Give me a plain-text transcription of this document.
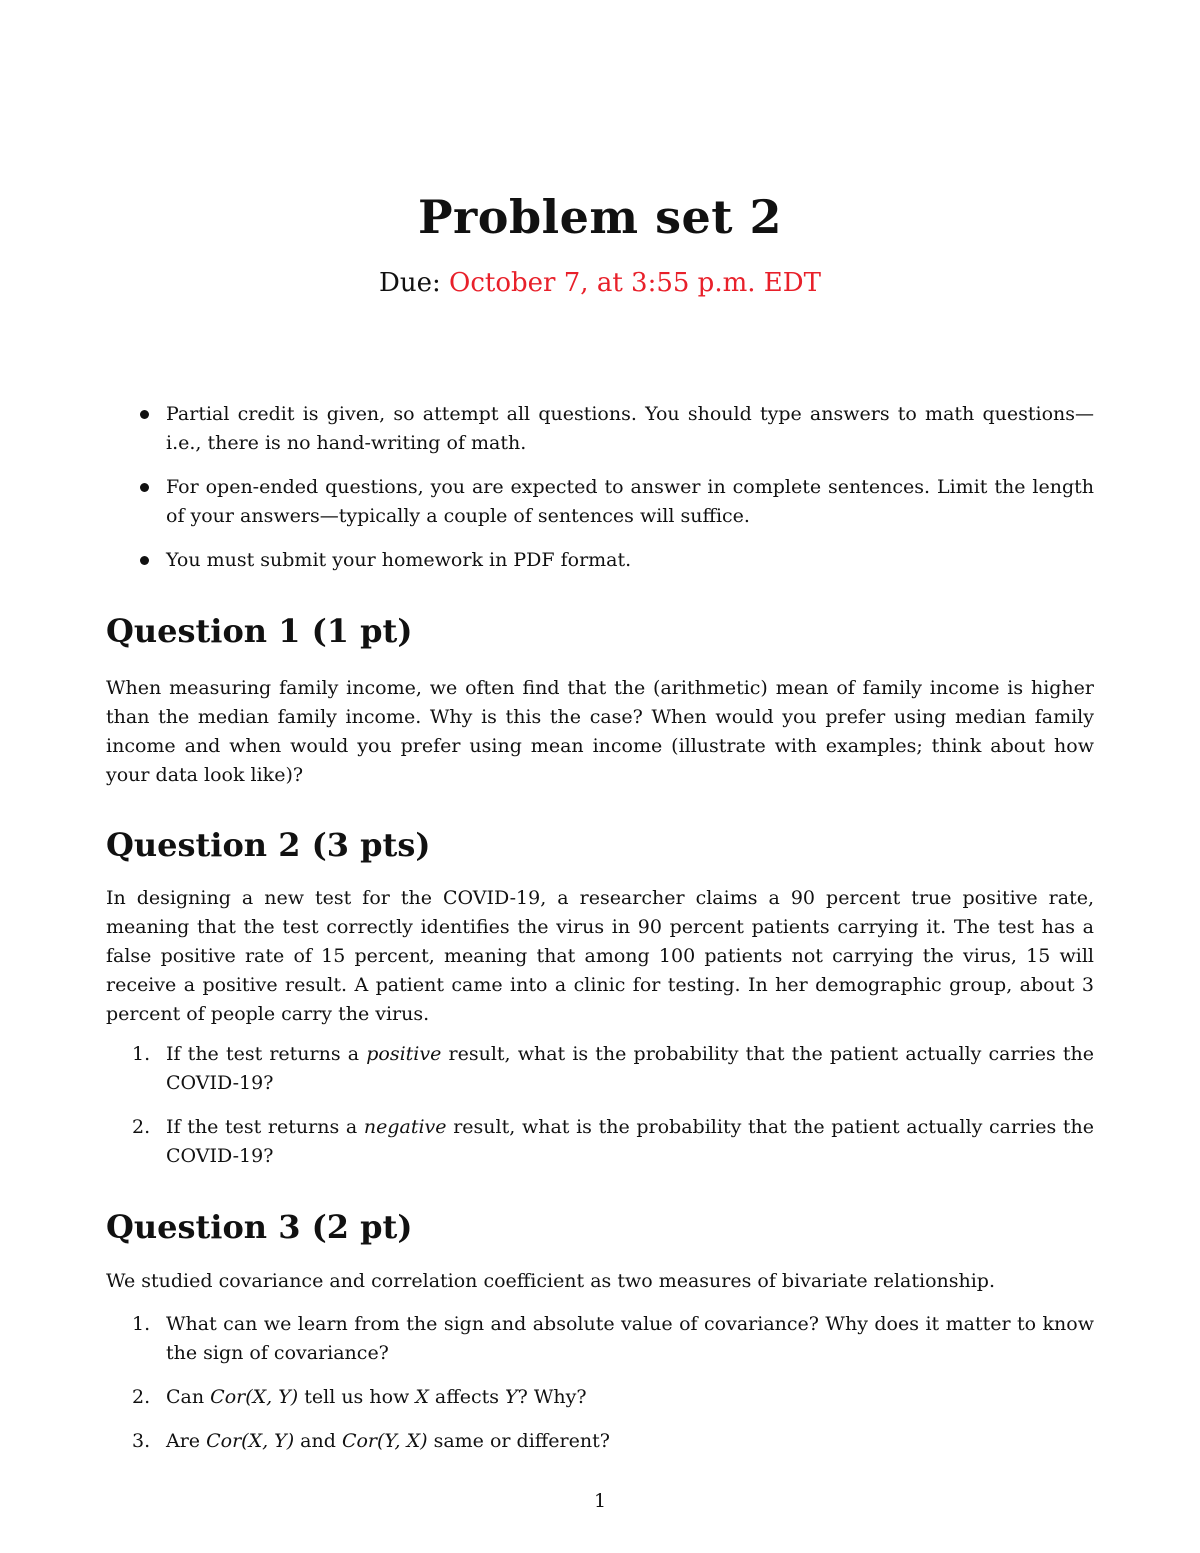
Problem set 2
Due: October 7, at 3:55 p.m. EDT
Partial credit is given, so attempt all questions. You should type answers to math questions—i.e., there is no hand-writing of math.
For open-ended questions, you are expected to answer in complete sentences. Limit the length of your answers—typically a couple of sentences will suffice.
You must submit your homework in PDF format.
Question 1 (1 pt)

When measuring family income, we often find that the (arithmetic) mean of family income is higher than the median family income. Why is this the case? When would you prefer using median family income and when would you prefer using mean income (illustrate with examples; think about how your data look like)?

Question 2 (3 pts)

In designing a new test for the COVID-19, a researcher claims a 90 percent true positive rate, meaning that the test correctly identifies the virus in 90 percent patients carrying it. The test has a false positive rate of 15 percent, meaning that among 100 patients not carrying the virus, 15 will receive a positive result. A patient came into a clinic for testing. In her demographic group, about 3 percent of people carry the virus.

1. If the test returns a positive result, what is the probability that the patient actually carries the COVID-19?
2. If the test returns a negative result, what is the probability that the patient actually carries the COVID-19?
Question 3 (2 pt)

We studied covariance and correlation coefficient as two measures of bivariate relationship.

1. What can we learn from the sign and absolute value of covariance? Why does it matter to know the sign of covariance?
2. Can Cor(X, Y) tell us how X affects Y? Why?
3. Are Cor(X, Y) and Cor(Y, X) same or different?
1
